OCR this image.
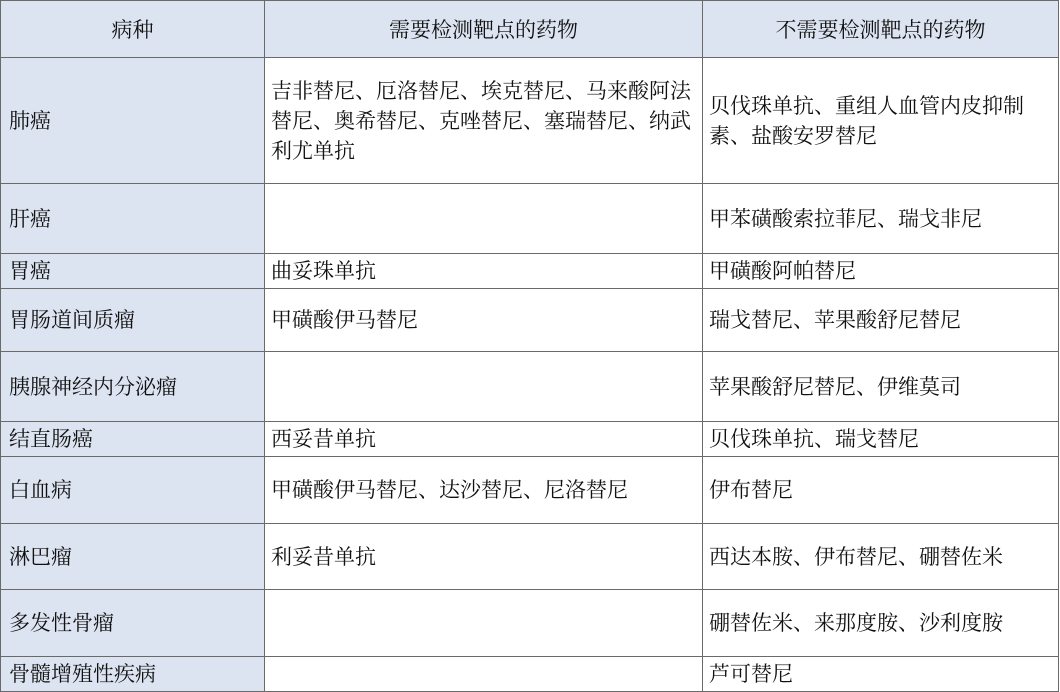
病种	需要检测靶点的药物	不需要检测靶点的药物
肺癌	吉非替尼、厄洛替尼、埃克替尼、马来酸阿法替尼、奥希替尼、克唑替尼、塞瑞替尼、纳武利尤单抗	贝伐珠单抗、重组人血管内皮抑制素、盐酸安罗替尼
肝癌		甲苯磺酸索拉菲尼、瑞戈非尼
胃癌	曲妥珠单抗	甲磺酸阿帕替尼
胃肠道间质瘤	甲磺酸伊马替尼	瑞戈替尼、苹果酸舒尼替尼
胰腺神经内分泌瘤		苹果酸舒尼替尼、伊维莫司
结直肠癌	西妥昔单抗	贝伐珠单抗、瑞戈替尼
白血病	甲磺酸伊马替尼、达沙替尼、尼洛替尼	伊布替尼
淋巴瘤	利妥昔单抗	西达本胺、伊布替尼、硼替佐米
多发性骨瘤		硼替佐米、来那度胺、沙利度胺
骨髓增殖性疾病		芦可替尼
